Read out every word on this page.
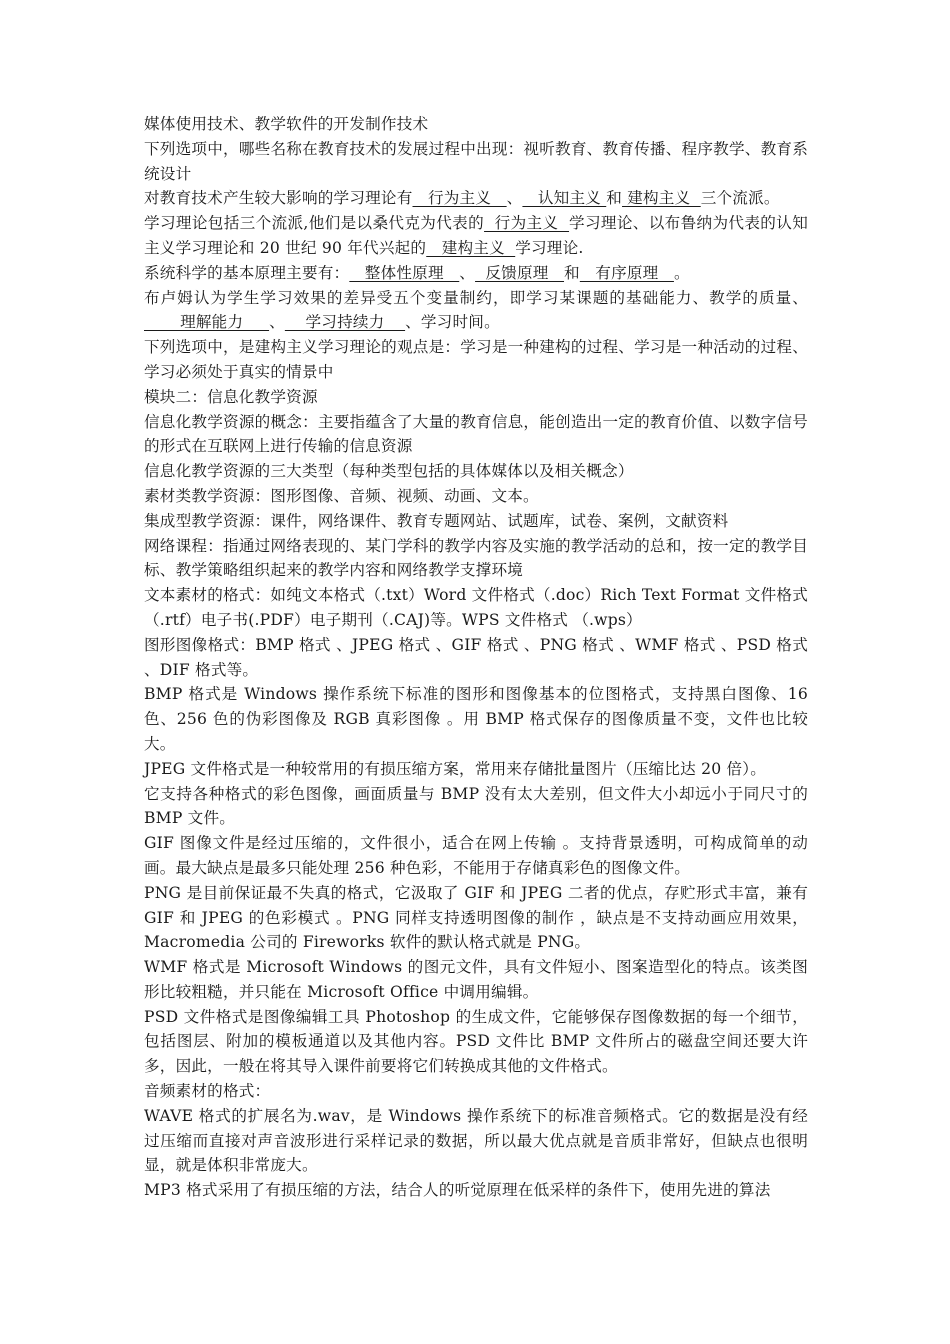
媒体使用技术、教学软件的开发制作技术

下列选项中，哪些名称在教育技术的发展过程中出现：视听教育、教育传播、程序教学、教育系统设计

对教育技术产生较大影响的学习理论有   行为主义   、   认知主义 和 建构主义  三个流派。

学习理论包括三个流派,他们是以桑代克为代表的  行为主义  学习理论、以布鲁纳为代表的认知主义学习理论和 20 世纪 90 年代兴起的   建构主义  学习理论.

系统科学的基本原理主要有：   整体性原理   、  反馈原理   和   有序原理   。

布卢姆认为学生学习效果的差异受五个变量制约，即学习某课题的基础能力、教学的质量、       理解能力     、    学习持续力    、学习时间。

下列选项中，是建构主义学习理论的观点是：学习是一种建构的过程、学习是一种活动的过程、学习必须处于真实的情景中

模块二：信息化教学资源

信息化教学资源的概念：主要指蕴含了大量的教育信息，能创造出一定的教育价值、以数字信号的形式在互联网上进行传输的信息资源

信息化教学资源的三大类型（每种类型包括的具体媒体以及相关概念）

素材类教学资源：图形图像、音频、视频、动画、文本。

集成型教学资源：课件，网络课件、教育专题网站、试题库，试卷、案例，文献资料

网络课程：指通过网络表现的、某门学科的教学内容及实施的教学活动的总和，按一定的教学目标、教学策略组织起来的教学内容和网络教学支撑环境

文本素材的格式：如纯文本格式（.txt）Word 文件格式（.doc）Rich Text Format 文件格式（.rtf）电子书(.PDF）电子期刊（.CAJ)等。WPS 文件格式 （.wps）

图形图像格式：BMP 格式 、JPEG 格式 、GIF 格式 、PNG 格式 、WMF 格式 、PSD 格式 、DIF 格式等。

BMP 格式是 Windows 操作系统下标准的图形和图像基本的位图格式，支持黑白图像、16 色、256 色的伪彩图像及 RGB 真彩图像 。用 BMP 格式保存的图像质量不变，文件也比较大。

JPEG 文件格式是一种较常用的有损压缩方案，常用来存储批量图片（压缩比达 20 倍）。

它支持各种格式的彩色图像，画面质量与 BMP 没有太大差别，但文件大小却远小于同尺寸的 BMP 文件。

GIF 图像文件是经过压缩的，文件很小，适合在网上传输 。支持背景透明，可构成简单的动画。最大缺点是最多只能处理 256 种色彩，不能用于存储真彩色的图像文件。

PNG 是目前保证最不失真的格式，它汲取了 GIF 和 JPEG 二者的优点，存贮形式丰富，兼有 GIF 和 JPEG 的色彩模式 。PNG 同样支持透明图像的制作 ，缺点是不支持动画应用效果，Macromedia 公司的 Fireworks 软件的默认格式就是 PNG。

WMF 格式是 Microsoft Windows 的图元文件，具有文件短小、图案造型化的特点。该类图形比较粗糙，并只能在 Microsoft Office 中调用编辑。

PSD 文件格式是图像编辑工具 Photoshop 的生成文件，它能够保存图像数据的每一个细节，包括图层、附加的模板通道以及其他内容。PSD 文件比 BMP 文件所占的磁盘空间还要大许多，因此，一般在将其导入课件前要将它们转换成其他的文件格式。

音频素材的格式：

WAVE 格式的扩展名为.wav，是 Windows 操作系统下的标准音频格式。它的数据是没有经过压缩而直接对声音波形进行采样记录的数据，所以最大优点就是音质非常好，但缺点也很明显，就是体积非常庞大。

MP3 格式采用了有损压缩的方法，结合人的听觉原理在低采样的条件下，使用先进的算法
